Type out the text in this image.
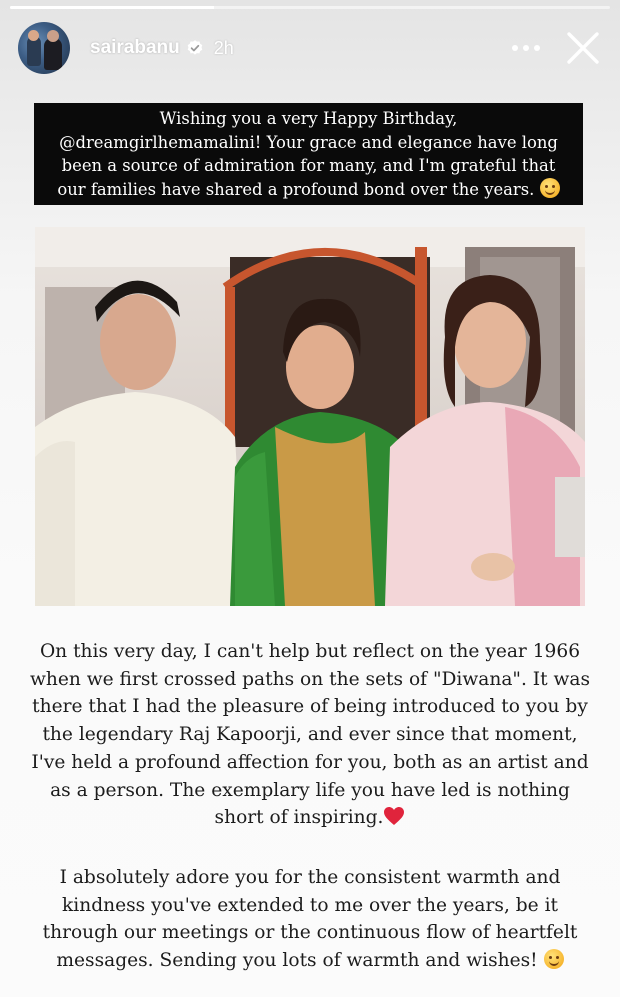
sairabanu 2h
Wishing you a very Happy Birthday,
@dreamgirlhemamalini! Your grace and elegance have long
been a source of admiration for many, and I'm grateful that
our families have shared a profound bond over the years.
On this very day, I can't help but reflect on the year 1966
when we first crossed paths on the sets of "Diwana". It was
there that I had the pleasure of being introduced to you by
the legendary Raj Kapoorji, and ever since that moment,
I've held a profound affection for you, both as an artist and
as a person. The exemplary life you have led is nothing
short of inspiring.
I absolutely adore you for the consistent warmth and
kindness you've extended to me over the years, be it
through our meetings or the continuous flow of heartfelt
messages. Sending you lots of warmth and wishes!
